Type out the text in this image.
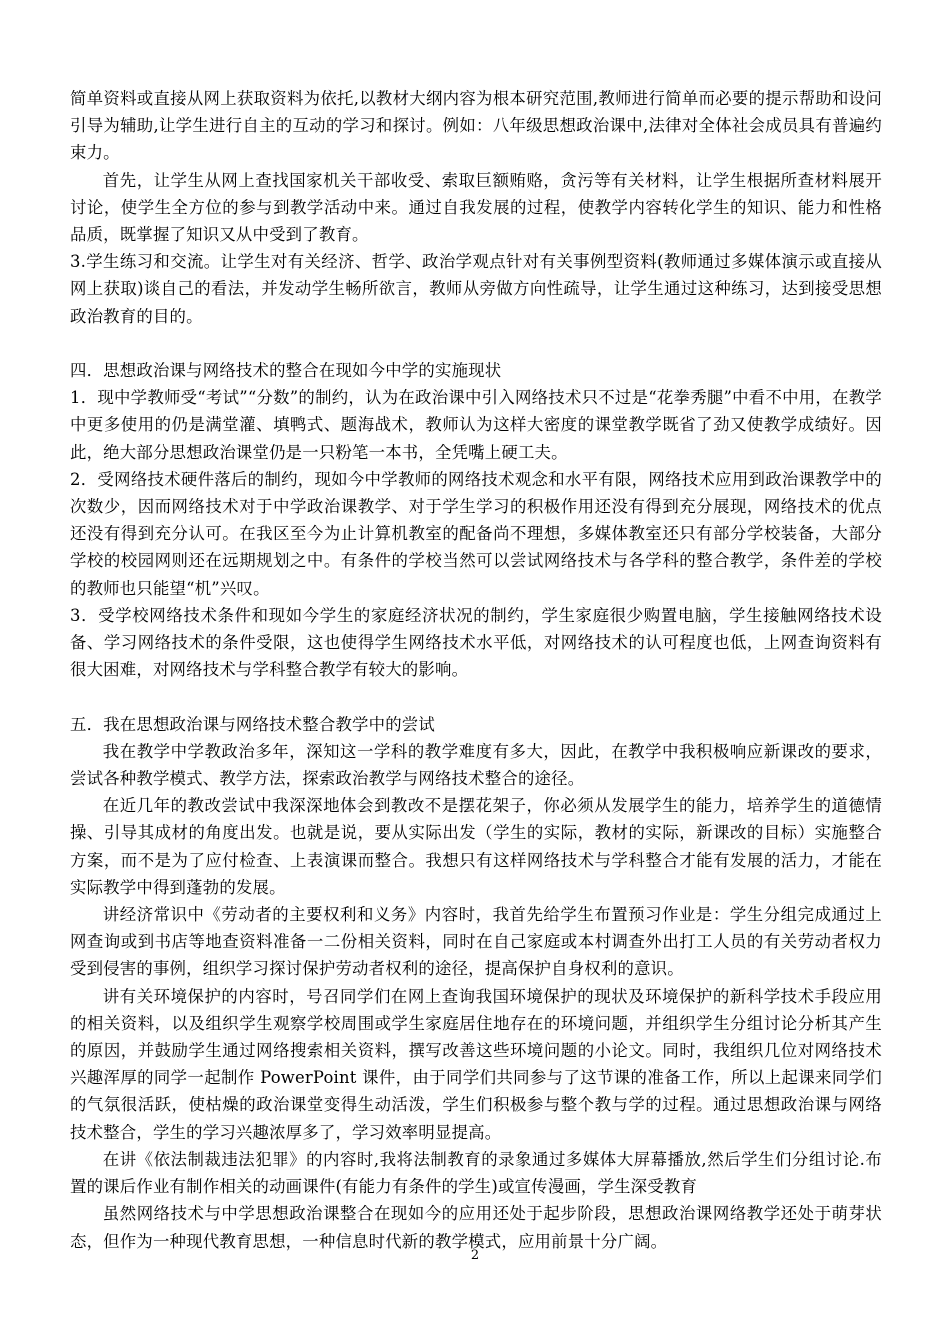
简单资料或直接从网上获取资料为依托,以教材大纲内容为根本研究范围,教师进行简单而必要的提示帮助和设问引导为辅助,让学生进行自主的互动的学习和探讨。例如：八年级思想政治课中,法律对全体社会成员具有普遍约束力。

首先，让学生从网上查找国家机关干部收受、索取巨额贿赂，贪污等有关材料，让学生根据所查材料展开讨论，使学生全方位的参与到教学活动中来。通过自我发展的过程，使教学内容转化学生的知识、能力和性格品质，既掌握了知识又从中受到了教育。

3.学生练习和交流。让学生对有关经济、哲学、政治学观点针对有关事例型资料(教师通过多媒体演示或直接从网上获取)谈自己的看法，并发动学生畅所欲言，教师从旁做方向性疏导，让学生通过这种练习，达到接受思想政治教育的目的。

四．思想政治课与网络技术的整合在现如今中学的实施现状

1．现中学教师受“考试”“分数”的制约，认为在政治课中引入网络技术只不过是“花拳秀腿”中看不中用，在教学中更多使用的仍是满堂灌、填鸭式、题海战术，教师认为这样大密度的课堂教学既省了劲又使教学成绩好。因此，绝大部分思想政治课堂仍是一只粉笔一本书，全凭嘴上硬工夫。

2．受网络技术硬件落后的制约，现如今中学教师的网络技术观念和水平有限，网络技术应用到政治课教学中的次数少，因而网络技术对于中学政治课教学、对于学生学习的积极作用还没有得到充分展现，网络技术的优点还没有得到充分认可。在我区至今为止计算机教室的配备尚不理想，多媒体教室还只有部分学校装备，大部分学校的校园网则还在远期规划之中。有条件的学校当然可以尝试网络技术与各学科的整合教学，条件差的学校的教师也只能望“机”兴叹。

3．受学校网络技术条件和现如今学生的家庭经济状况的制约，学生家庭很少购置电脑，学生接触网络技术设备、学习网络技术的条件受限，这也使得学生网络技术水平低，对网络技术的认可程度也低，上网查询资料有很大困难，对网络技术与学科整合教学有较大的影响。

五．我在思想政治课与网络技术整合教学中的尝试

我在教学中学教政治多年，深知这一学科的教学难度有多大，因此，在教学中我积极响应新课改的要求，尝试各种教学模式、教学方法，探索政治教学与网络技术整合的途径。

在近几年的教改尝试中我深深地体会到教改不是摆花架子，你必须从发展学生的能力，培养学生的道德情操、引导其成材的角度出发。也就是说，要从实际出发（学生的实际，教材的实际，新课改的目标）实施整合方案，而不是为了应付检查、上表演课而整合。我想只有这样网络技术与学科整合才能有发展的活力，才能在实际教学中得到蓬勃的发展。

讲经济常识中《劳动者的主要权利和义务》内容时，我首先给学生布置预习作业是：学生分组完成通过上网查询或到书店等地查资料准备一二份相关资料，同时在自己家庭或本村调查外出打工人员的有关劳动者权力受到侵害的事例，组织学习探讨保护劳动者权利的途径，提高保护自身权利的意识。

讲有关环境保护的内容时，号召同学们在网上查询我国环境保护的现状及环境保护的新科学技术手段应用的相关资料，以及组织学生观察学校周围或学生家庭居住地存在的环境问题，并组织学生分组讨论分析其产生的原因，并鼓励学生通过网络搜索相关资料，撰写改善这些环境问题的小论文。同时，我组织几位对网络技术兴趣浑厚的同学一起制作 PowerPoint 课件，由于同学们共同参与了这节课的准备工作，所以上起课来同学们的气氛很活跃，使枯燥的政治课堂变得生动活泼，学生们积极参与整个教与学的过程。通过思想政治课与网络技术整合，学生的学习兴趣浓厚多了，学习效率明显提高。

在讲《依法制裁违法犯罪》的内容时,我将法制教育的录象通过多媒体大屏幕播放,然后学生们分组讨论.布置的课后作业有制作相关的动画课件(有能力有条件的学生)或宣传漫画，学生深受教育

虽然网络技术与中学思想政治课整合在现如今的应用还处于起步阶段，思想政治课网络教学还处于萌芽状态，但作为一种现代教育思想，一种信息时代新的教学模式，应用前景十分广阔。

2
